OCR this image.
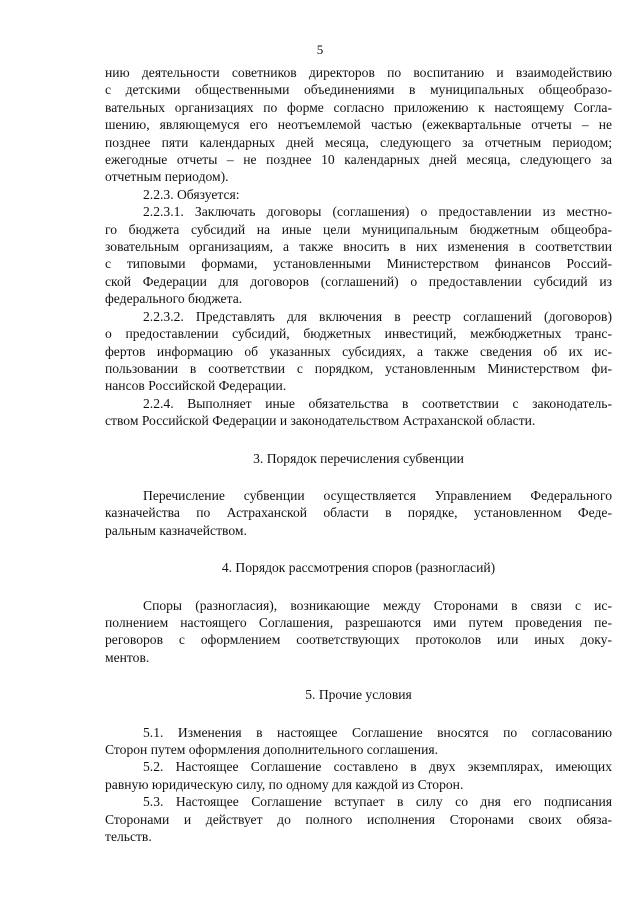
5
нию деятельности советников директоров по воспитанию и взаимодействию
с детскими общественными объединениями в муниципальных общеобразо-
вательных организациях по форме согласно приложению к настоящему Согла-
шению, являющемуся его неотъемлемой частью (ежеквартальные отчеты – не
позднее пяти календарных дней месяца, следующего за отчетным периодом;
ежегодные отчеты – не позднее 10 календарных дней месяца, следующего за
отчетным периодом).
2.2.3. Обязуется:
2.2.3.1. Заключать договоры (соглашения) о предоставлении из местно-
го бюджета субсидий на иные цели муниципальным бюджетным общеобра-
зовательным организациям, а также вносить в них изменения в соответствии
с типовыми формами, установленными Министерством финансов Россий-
ской Федерации для договоров (соглашений) о предоставлении субсидий из
федерального бюджета.
2.2.3.2. Представлять для включения в реестр соглашений (договоров)
о предоставлении субсидий, бюджетных инвестиций, межбюджетных транс-
фертов информацию об указанных субсидиях, а также сведения об их ис-
пользовании в соответствии с порядком, установленным Министерством фи-
нансов Российской Федерации.
2.2.4. Выполняет иные обязательства в соответствии с законодатель-
ством Российской Федерации и законодательством Астраханской области.
3. Порядок перечисления субвенции
Перечисление субвенции осуществляется Управлением Федерального
казначейства по Астраханской области в порядке, установленном Феде-
ральным казначейством.
4. Порядок рассмотрения споров (разногласий)
Споры (разногласия), возникающие между Сторонами в связи с ис-
полнением настоящего Соглашения, разрешаются ими путем проведения пе-
реговоров с оформлением соответствующих протоколов или иных доку-
ментов.
5. Прочие условия
5.1. Изменения в настоящее Соглашение вносятся по согласованию
Сторон путем оформления дополнительного соглашения.
5.2. Настоящее Соглашение составлено в двух экземплярах, имеющих
равную юридическую силу, по одному для каждой из Сторон.
5.3. Настоящее Соглашение вступает в силу со дня его подписания
Сторонами и действует до полного исполнения Сторонами своих обяза-
тельств.
